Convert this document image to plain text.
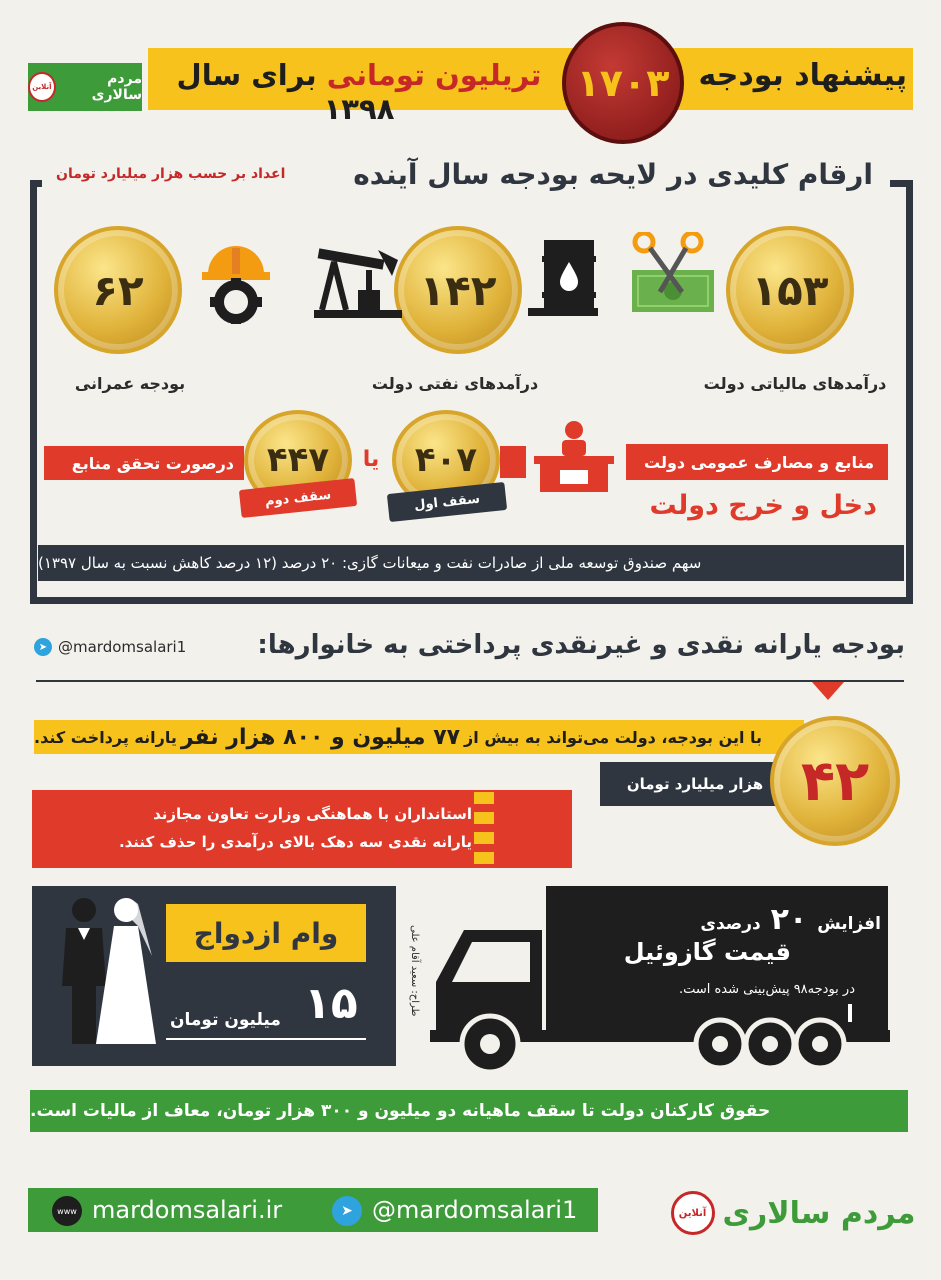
مردم سالاری
آنلاین	پیشنهاد بودجه
۱۷۰۳
تریلیون تومانی برای سال ۱۳۹۸
ارقام کلیدی در لایحه بودجه سال آینده
اعداد بر حسب هزار میلیارد تومان
۱۵۳
درآمدهای مالیاتی دولت
۱۴۲
درآمدهای نفتی دولت
۶۲
بودجه عمرانی
منابع و مصارف عمومی دولت
۴۰۷
سقف اول
یا
۴۴۷
سقف دوم
درصورت تحقق منابع
دخل و خرج دولت
سهم صندوق توسعه ملی از صادرات نفت و میعانات گازی: ۲۰ درصد (۱۲ درصد کاهش نسبت به سال ۱۳۹۷)
بودجه یارانه نقدی و غیرنقدی پرداختی به خانوارها:
➤ @mardomsalari1
با این بودجه، دولت می‌تواند به بیش از
۷۷ میلیون و ۸۰۰ هزار نفر
یارانه پرداخت کند.
هزار میلیارد تومان ۴۲
استانداران با هماهنگی وزارت تعاون مجازند
یارانه نقدی سه دهک بالای درآمدی را حذف کنند.
وام ازدواج
۱۵
میلیون تومان
طراح: سعید آقام علی
افزایش ۲۰ درصدی
قیمت گازوئیل
در بودجه۹۸ پیش‌بینی شده است.
حقوق کارکنان دولت تا سقف ماهیانه دو میلیون و ۳۰۰ هزار تومان، معاف از مالیات است.
www mardomsalari.ir	➤ @mardomsalari1	مردم سالاری
آنلاین
